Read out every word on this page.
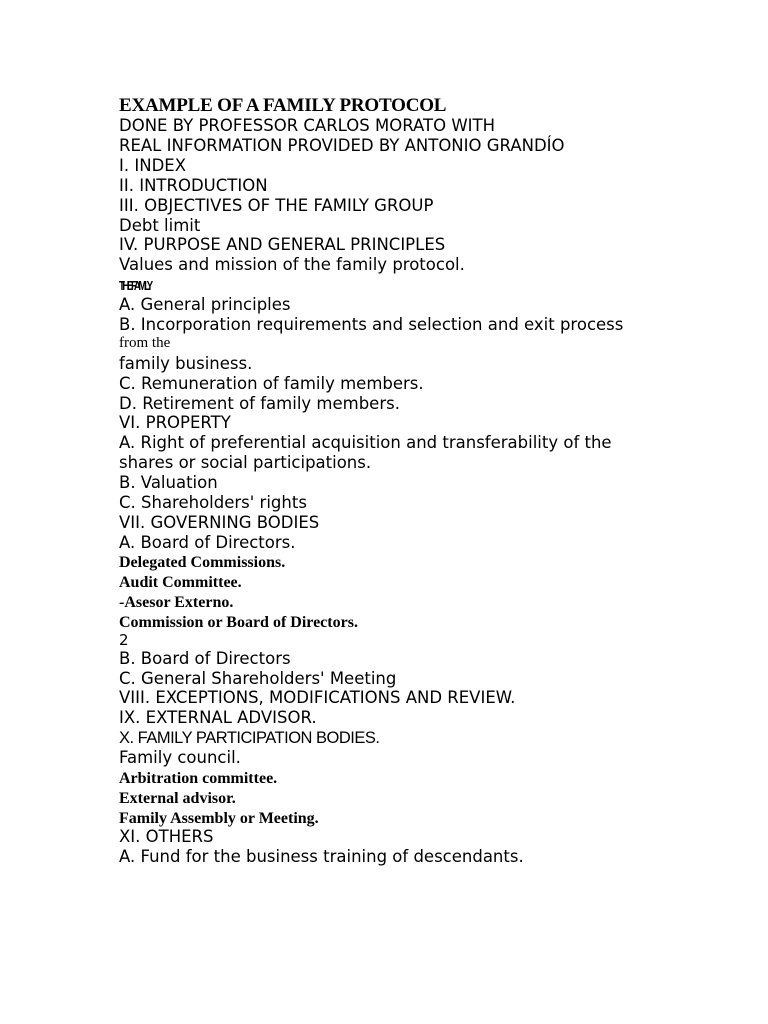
EXAMPLE OF A FAMILY PROTOCOL
DONE BY PROFESSOR CARLOS MORATO WITH
REAL INFORMATION PROVIDED BY ANTONIO GRANDÍO
I. INDEX
II. INTRODUCTION
III. OBJECTIVES OF THE FAMILY GROUP
Debt limit
IV. PURPOSE AND GENERAL PRINCIPLES
Values and mission of the family protocol.
THE FAMILY
A. General principles
B. Incorporation requirements and selection and exit process
from the
family business.
C. Remuneration of family members.
D. Retirement of family members.
VI. PROPERTY
A. Right of preferential acquisition and transferability of the
shares or social participations.
B. Valuation
C. Shareholders' rights
VII. GOVERNING BODIES
A. Board of Directors.
Delegated Commissions.
Audit Committee.
-Asesor Externo.
Commission or Board of Directors.
2
B. Board of Directors
C. General Shareholders' Meeting
VIII. EXCEPTIONS, MODIFICATIONS AND REVIEW.
IX. EXTERNAL ADVISOR.
X. FAMILY PARTICIPATION BODIES.
Family council.
Arbitration committee.
External advisor.
Family Assembly or Meeting.
XI. OTHERS
A. Fund for the business training of descendants.
